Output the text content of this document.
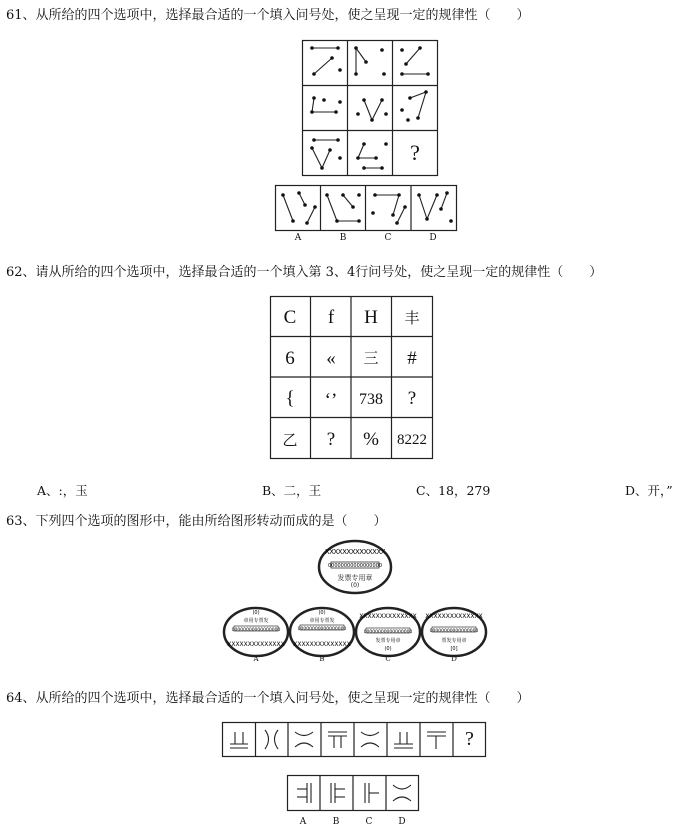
61、从所给的四个选项中，选择最合适的一个填入问号处，使之呈现一定的规律性（　　）
?
A	B	C	D
62、请从所给的四个选项中，选择最合适的一个填入第 3、4行问号处，使之呈现一定的规律性（　　）
C f H 丰
6 « 三 #
{ ‘’ 738 ?
乙 ? % 8222
A、:，玉	B、二，王	C、18，279	D、开，”
63、下列四个选项的图形中，能由所给图形转动而成的是（　　）
XXXXXXXXXXXXXX
00000000000000000
发票专用章
(0)
(0)
章用专票发
00000000000000000
XXXXXXXXXXXXXX
(0)
章用专票发
00000000000000000
XXXXXXXXXXXXXX
XXXXXXXXXXXXXX
00000000000000000
发票专用章
(0)
XXXXXXXXXXXXXX
00000000000000000
票发专用章
[0]
A	B	C	D
64、从所给的四个选项中，选择最合适的一个填入问号处，使之呈现一定的规律性（　　）
?
A	B	C	D
